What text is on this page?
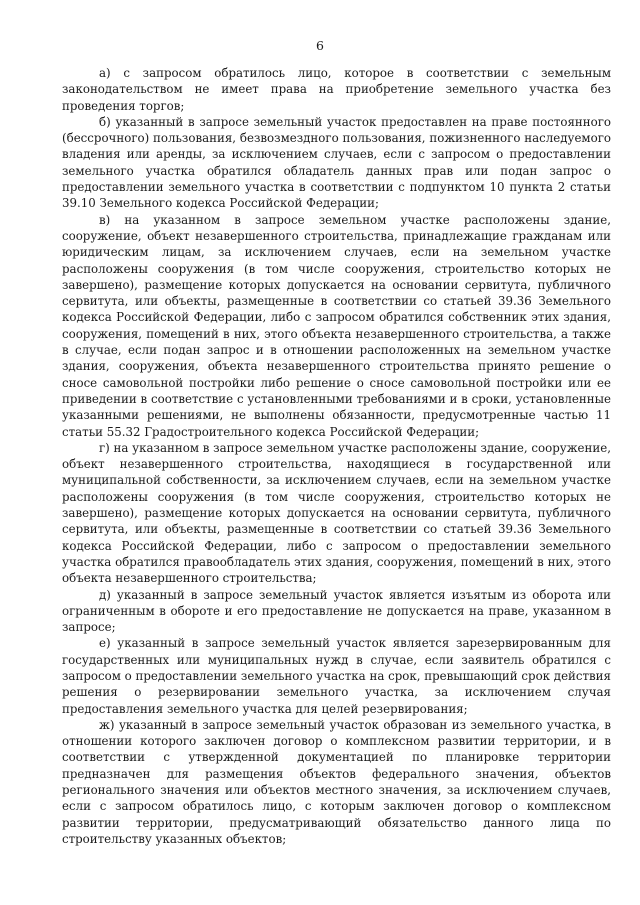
6

а) с запросом обратилось лицо, которое в соответствии с земельным законодательством не имеет права на приобретение земельного участка без проведения торгов;

б) указанный в запросе земельный участок предоставлен на праве постоянного (бессрочного) пользования, безвозмездного пользования, пожизненного наследуемого владения или аренды, за исключением случаев, если с запросом о предоставлении земельного участка обратился обладатель данных прав или подан запрос о предоставлении земельного участка в соответствии с подпунктом 10 пункта 2 статьи 39.10 Земельного кодекса Российской Федерации;

в) на указанном в запросе земельном участке расположены здание, сооружение, объект незавершенного строительства, принадлежащие гражданам или юридическим лицам, за исключением случаев, если на земельном участке расположены сооружения (в том числе сооружения, строительство которых не завершено), размещение которых допускается на основании сервитута, публичного сервитута, или объекты, размещенные в соответствии со статьей 39.36 Земельного кодекса Российской Федерации, либо с запросом обратился собственник этих здания, сооружения, помещений в них, этого объекта незавершенного строительства, а также в случае, если подан запрос и в отношении расположенных на земельном участке здания, сооружения, объекта незавершенного строительства принято решение о сносе самовольной постройки либо решение о сносе самовольной постройки или ее приведении в соответствие с установленными требованиями и в сроки, установленные указанными решениями, не выполнены обязанности, предусмотренные частью 11 статьи 55.32 Градостроительного кодекса Российской Федерации;

г) на указанном в запросе земельном участке расположены здание, сооружение, объект незавершенного строительства, находящиеся в государственной или муниципальной собственности, за исключением случаев, если на земельном участке расположены сооружения (в том числе сооружения, строительство которых не завершено), размещение которых допускается на основании сервитута, публичного сервитута, или объекты, размещенные в соответствии со статьей 39.36 Земельного кодекса Российской Федерации, либо с запросом о предоставлении земельного участка обратился правообладатель этих здания, сооружения, помещений в них, этого объекта незавершенного строительства;

д) указанный в запросе земельный участок является изъятым из оборота или ограниченным в обороте и его предоставление не допускается на праве, указанном в запросе;

е) указанный в запросе земельный участок является зарезервированным для государственных или муниципальных нужд в случае, если заявитель обратился с запросом о предоставлении земельного участка на срок, превышающий срок действия решения о резервировании земельного участка, за исключением случая предоставления земельного участка для целей резервирования;

ж) указанный в запросе земельный участок образован из земельного участка, в отношении которого заключен договор о комплексном развитии территории, и в соответствии с утвержденной документацией по планировке территории предназначен для размещения объектов федерального значения, объектов регионального значения или объектов местного значения, за исключением случаев, если с запросом обратилось лицо, с которым заключен договор о комплексном развитии территории, предусматривающий обязательство данного лица по строительству указанных объектов;
